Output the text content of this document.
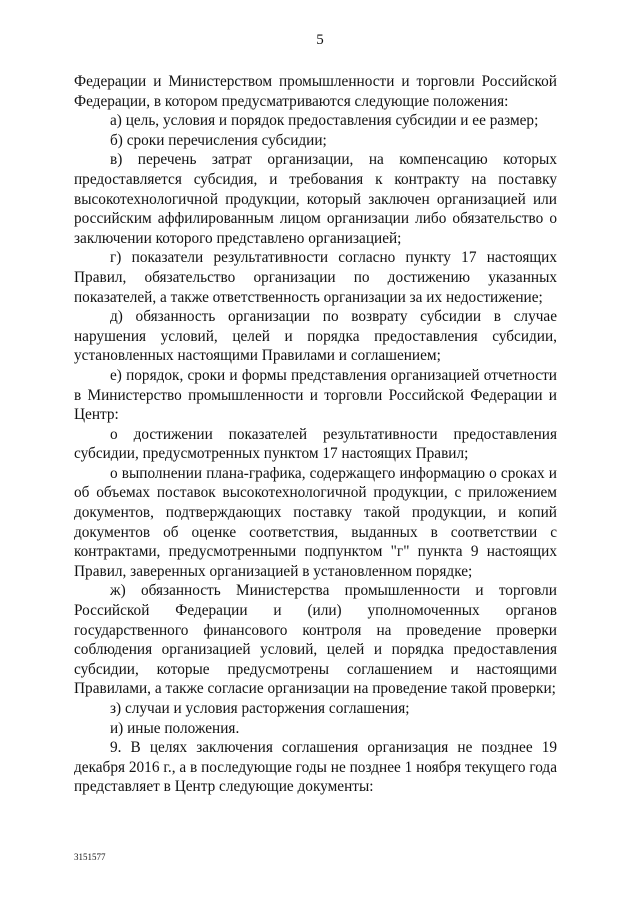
5

Федерации и Министерством промышленности и торговли Российской Федерации, в котором предусматриваются следующие положения:

а) цель, условия и порядок предоставления субсидии и ее размер;

б) сроки перечисления субсидии;

в) перечень затрат организации, на компенсацию которых предоставляется субсидия, и требования к контракту на поставку высокотехнологичной продукции, который заключен организацией или российским аффилированным лицом организации либо обязательство о заключении которого представлено организацией;

г) показатели результативности согласно пункту 17 настоящих Правил, обязательство организации по достижению указанных показателей, а также ответственность организации за их недостижение;

д) обязанность организации по возврату субсидии в случае нарушения условий, целей и порядка предоставления субсидии, установленных настоящими Правилами и соглашением;

е) порядок, сроки и формы представления организацией отчетности в Министерство промышленности и торговли Российской Федерации и Центр:

о достижении показателей результативности предоставления субсидии, предусмотренных пунктом 17 настоящих Правил;

о выполнении плана-графика, содержащего информацию о сроках и об объемах поставок высокотехнологичной продукции, с приложением документов, подтверждающих поставку такой продукции, и копий документов об оценке соответствия, выданных в соответствии с контрактами, предусмотренными подпунктом "г" пункта 9 настоящих Правил, заверенных организацией в установленном порядке;

ж) обязанность Министерства промышленности и торговли Российской Федерации и (или) уполномоченных органов государственного финансового контроля на проведение проверки соблюдения организацией условий, целей и порядка предоставления субсидии, которые предусмотрены соглашением и настоящими Правилами, а также согласие организации на проведение такой проверки;

з) случаи и условия расторжения соглашения;

и) иные положения.

9. В целях заключения соглашения организация не позднее 19 декабря 2016 г., а в последующие годы не позднее 1 ноября текущего года представляет в Центр следующие документы:

3151577
